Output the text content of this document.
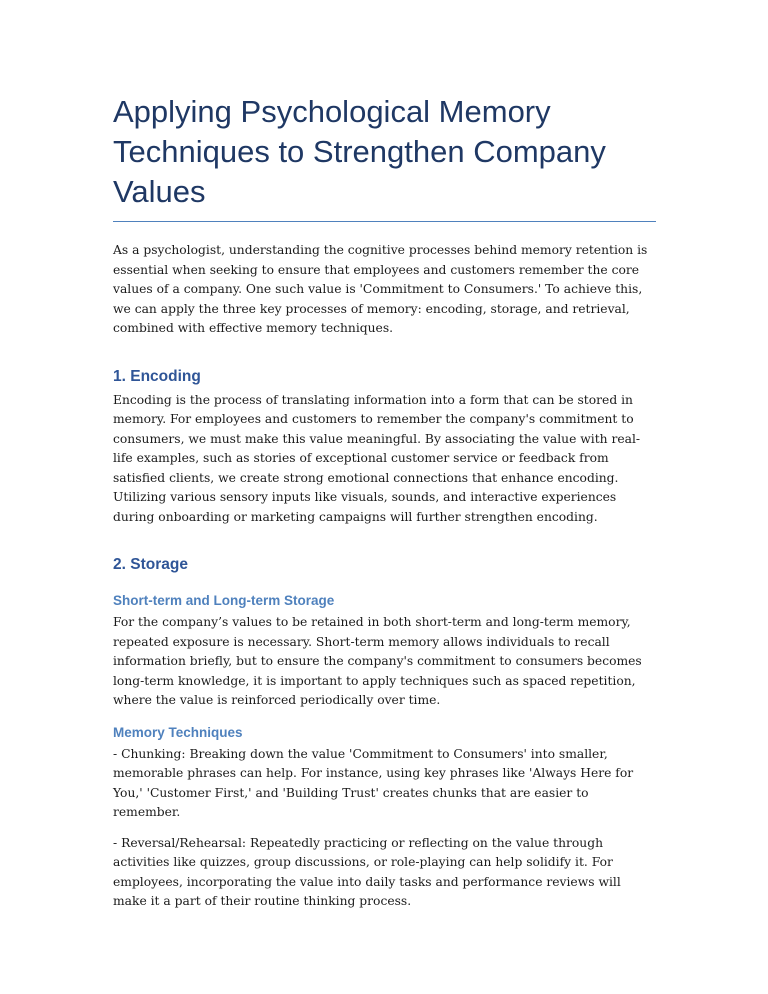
Applying Psychological Memory Techniques to Strengthen Company Values

As a psychologist, understanding the cognitive processes behind memory retention is essential when seeking to ensure that employees and customers remember the core values of a company. One such value is 'Commitment to Consumers.' To achieve this, we can apply the three key processes of memory: encoding, storage, and retrieval, combined with effective memory techniques.

1. Encoding

Encoding is the process of translating information into a form that can be stored in memory. For employees and customers to remember the company's commitment to consumers, we must make this value meaningful. By associating the value with real-life examples, such as stories of exceptional customer service or feedback from satisfied clients, we create strong emotional connections that enhance encoding. Utilizing various sensory inputs like visuals, sounds, and interactive experiences during onboarding or marketing campaigns will further strengthen encoding.

2. Storage
Short-term and Long-term Storage

For the company’s values to be retained in both short-term and long-term memory, repeated exposure is necessary. Short-term memory allows individuals to recall information briefly, but to ensure the company's commitment to consumers becomes long-term knowledge, it is important to apply techniques such as spaced repetition, where the value is reinforced periodically over time.

Memory Techniques

- Chunking: Breaking down the value 'Commitment to Consumers' into smaller, memorable phrases can help. For instance, using key phrases like 'Always Here for You,' 'Customer First,' and 'Building Trust' creates chunks that are easier to remember.

- Reversal/Rehearsal: Repeatedly practicing or reflecting on the value through activities like quizzes, group discussions, or role-playing can help solidify it. For employees, incorporating the value into daily tasks and performance reviews will make it a part of their routine thinking process.
